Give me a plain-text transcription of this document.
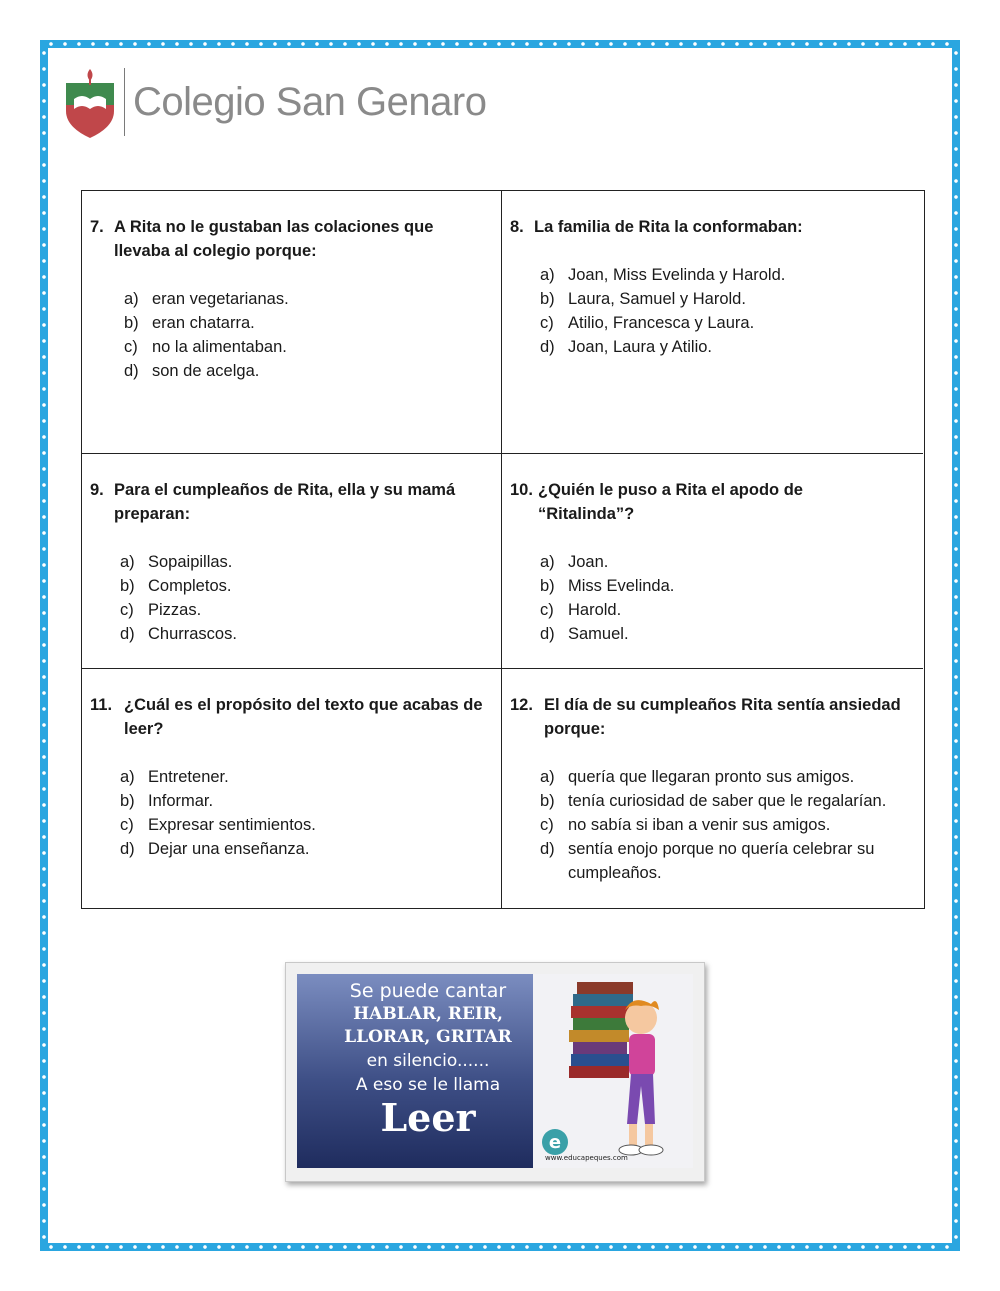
Colegio San Genaro
7. A Rita no le gustaban las colaciones que llevaba al colegio porque:
a) eran vegetarianas.
b) eran chatarra.
c) no la alimentaban.
d) son de acelga.
8. La familia de Rita la conformaban:
a) Joan, Miss Evelinda y Harold.
b) Laura, Samuel y Harold.
c) Atilio, Francesca y Laura.
d) Joan, Laura y Atilio.
9. Para el cumpleaños de Rita, ella y su mamá preparan:
a) Sopaipillas.
b) Completos.
c) Pizzas.
d) Churrascos.
10. ¿Quién le puso a Rita el apodo de “Ritalinda”?
a) Joan.
b) Miss Evelinda.
c) Harold.
d) Samuel.
11. ¿Cuál es el propósito del texto que acabas de leer?
a) Entretener.
b) Informar.
c) Expresar sentimientos.
d) Dejar una enseñanza.
12. El día de su cumpleaños Rita sentía ansiedad porque:
a) quería que llegaran pronto sus amigos.
b) tenía curiosidad de saber que le regalarían.
c) no sabía si iban a venir sus amigos.
d) sentía enojo porque no quería celebrar su cumpleaños.
Se puede cantar
HABLAR, REIR,
LLORAR, GRITAR
en silencio......
A eso se le llama
Leer
e
www.educapeques.com
